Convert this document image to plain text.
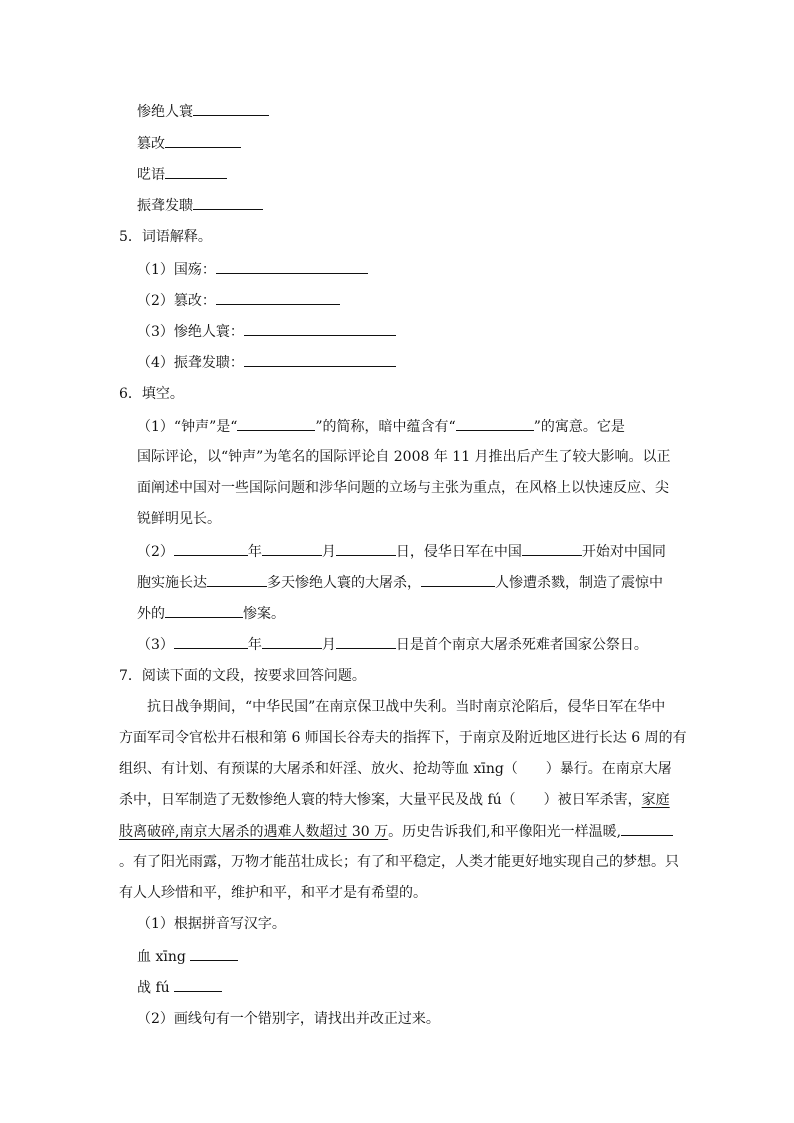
惨绝人寰
篡改
呓语
振聋发聩
5．词语解释。
（1）国殇：
（2）篡改：
（3）惨绝人寰：
（4）振聋发聩：
6．填空。
（1）“钟声”是“	”的简称，暗中蕴含有“	”的寓意。它是
国际评论，以“钟声”为笔名的国际评论自 2008 年 11 月推出后产生了较大影响。以正
面阐述中国对一些国际问题和涉华问题的立场与主张为重点，在风格上以快速反应、尖
锐鲜明见长。
（2）	年	月	日，侵华日军在中国	开始对中国同
胞实施长达	多天惨绝人寰的大屠杀，	人惨遭杀戮，制造了震惊中
外的	惨案。
（3）	年	月	日是首个南京大屠杀死难者国家公祭日。
7．阅读下面的文段，按要求回答问题。
抗日战争期间，“中华民国”在南京保卫战中失利。当时南京沦陷后，侵华日军在华中
方面军司令官松井石根和第 6 师国长谷寿夫的指挥下，于南京及附近地区进行长达 6 周的有
组织、有计划、有预谋的大屠杀和奸淫、放火、抢劫等血 xīng（　　）暴行。在南京大屠
杀中，日军制造了无数惨绝人寰的特大惨案，大量平民及战 fú（　　）被日军杀害，家庭
肢离破碎,南京大屠杀的遇难人数超过 30 万。历史告诉我们,和平像阳光一样温暖,
。有了阳光雨露，万物才能茁壮成长；有了和平稳定，人类才能更好地实现自己的梦想。只
有人人珍惜和平，维护和平，和平才是有希望的。
（1）根据拼音写汉字。
血 xīng
战 fú
（2）画线句有一个错别字，请找出并改正过来。
